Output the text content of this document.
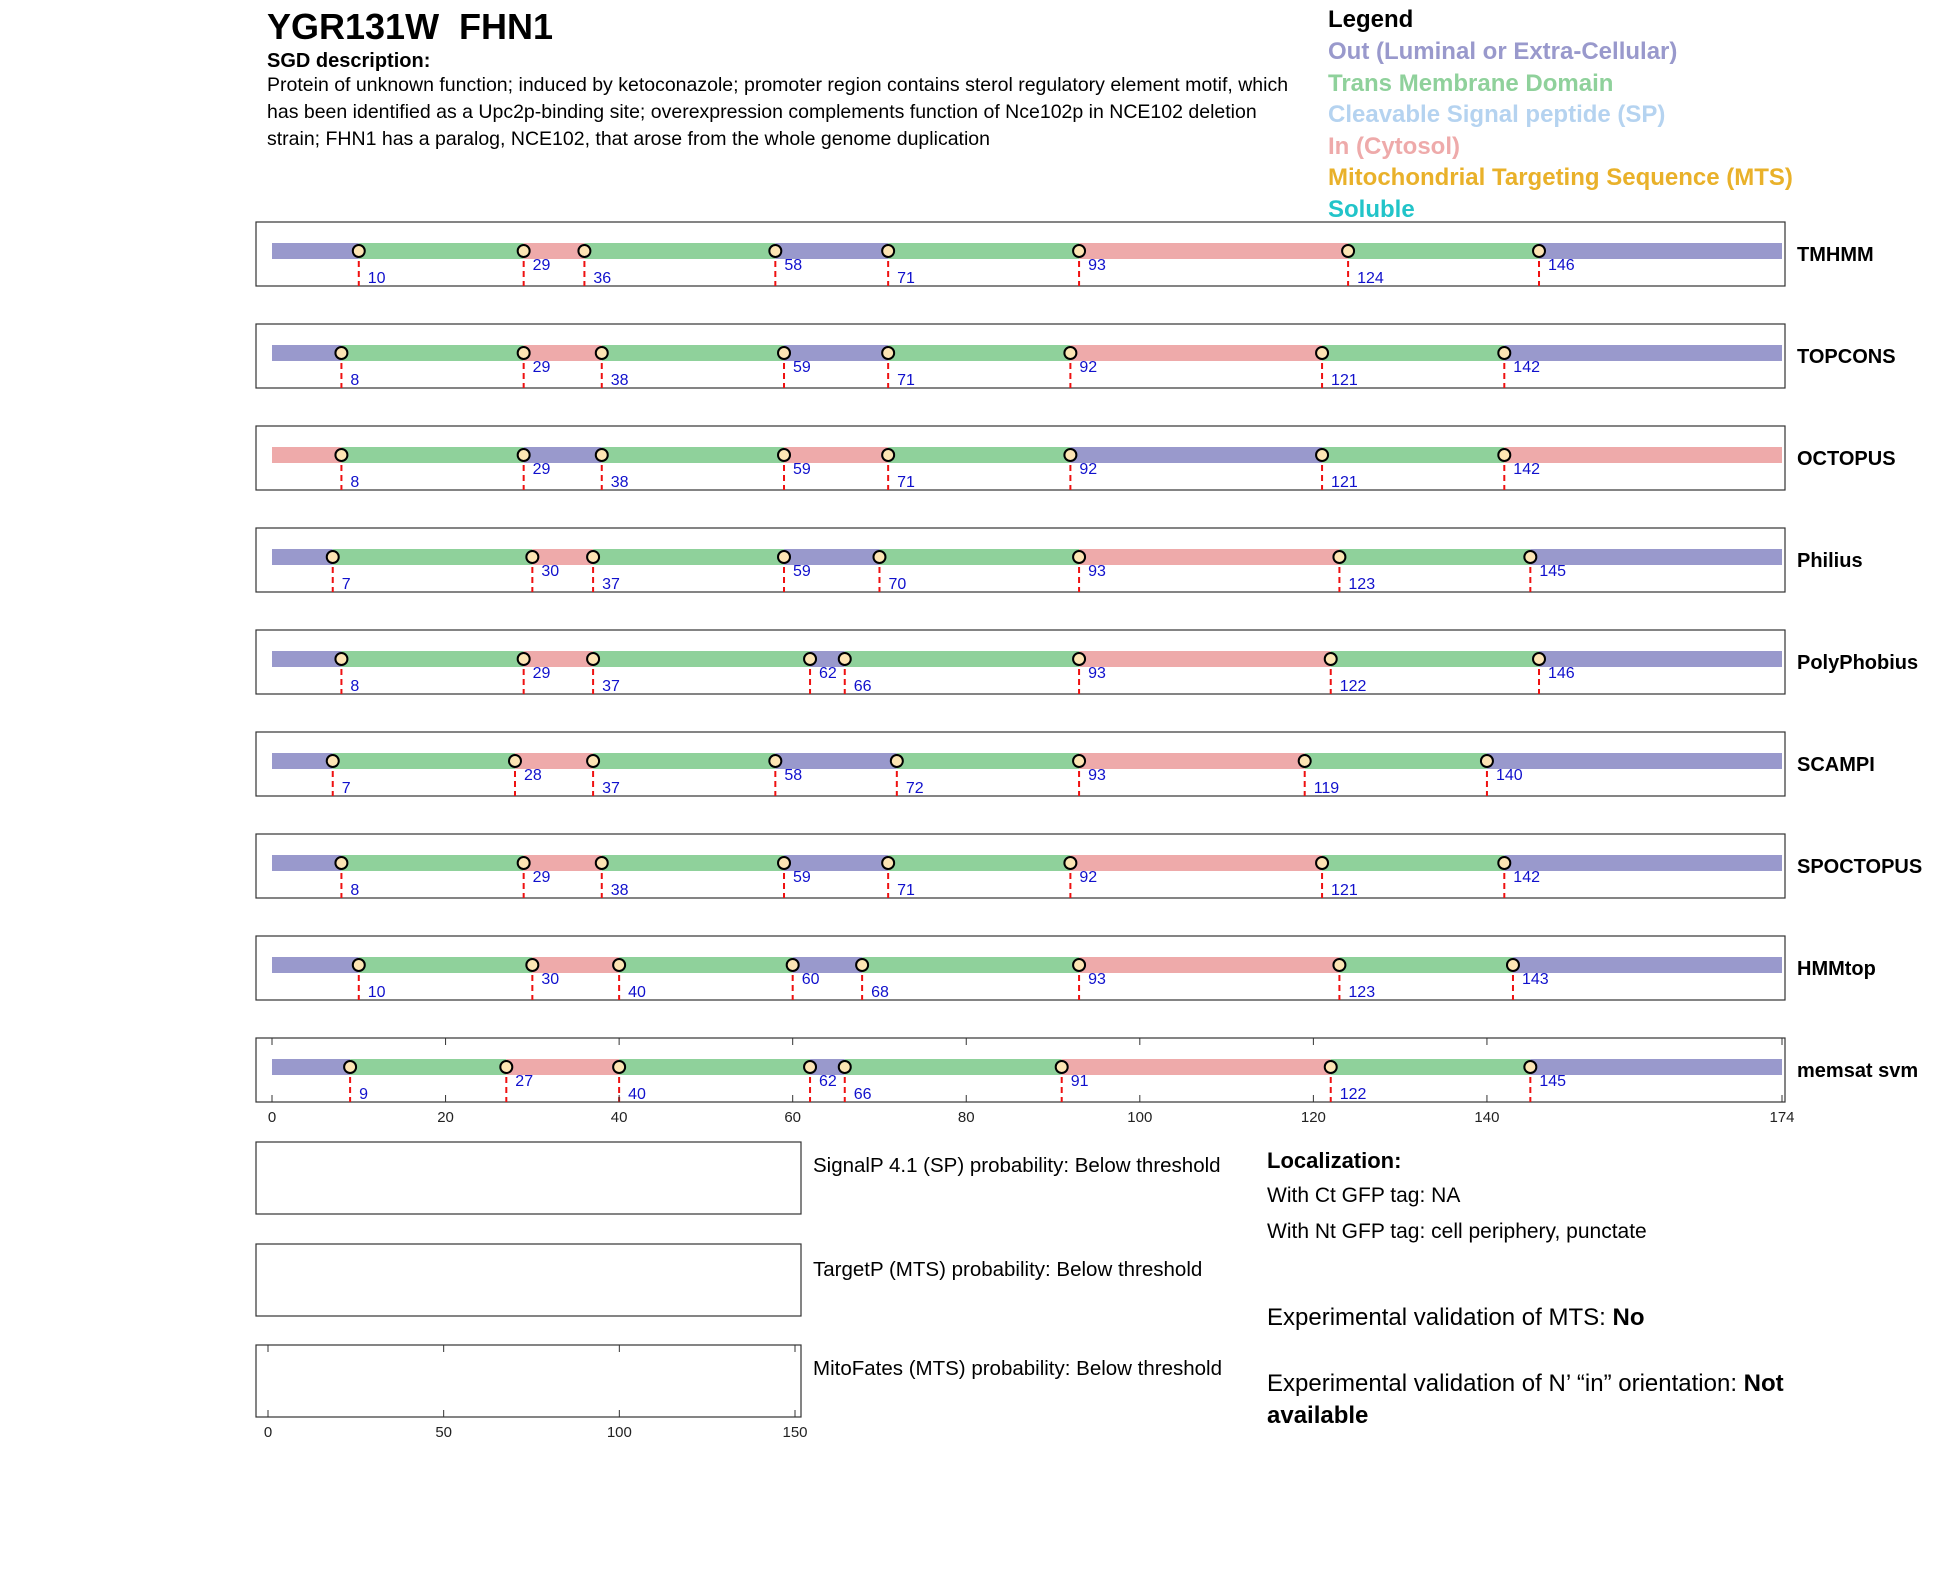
YGR131W  FHN1
SGD description:
Protein of unknown function; induced by ketoconazole; promoter region contains sterol regulatory element motif, which has been identified as a Upc2p-binding site; overexpression complements function of Nce102p in NCE102 deletion strain; FHN1 has a paralog, NCE102, that arose from the whole genome duplication
Legend
Out (Luminal or Extra-Cellular)
Trans Membrane Domain
Cleavable Signal peptide (SP)
In (Cytosol)
Mitochondrial Targeting Sequence (MTS)
Soluble
10
29
36
58
71
93
124
146	TMHMM
8
29
38
59
71
92
121
142	TOPCONS
8
29
38
59
71
92
121
142	OCTOPUS
7
30
37
59
70
93
123
145	Philius
8
29
37
62
66
93
122
146	PolyPhobius
7
28
37
58
72
93
119
140	SCAMPI
8
29
38
59
71
92
121
142	SPOCTOPUS
10
30
40
60
68
93
123
143	HMMtop
9
27
40
62
66
91
122
145	memsat svm
0	20	40	60	80	100	120	140	174
0	50	100	150
SignalP 4.1 (SP) probability: Below threshold
TargetP (MTS) probability: Below threshold
MitoFates (MTS) probability: Below threshold
Localization:
With Ct GFP tag: NA
With Nt GFP tag: cell periphery, punctate
Experimental validation of MTS: No
Experimental validation of N’ “in” orientation: Not available
